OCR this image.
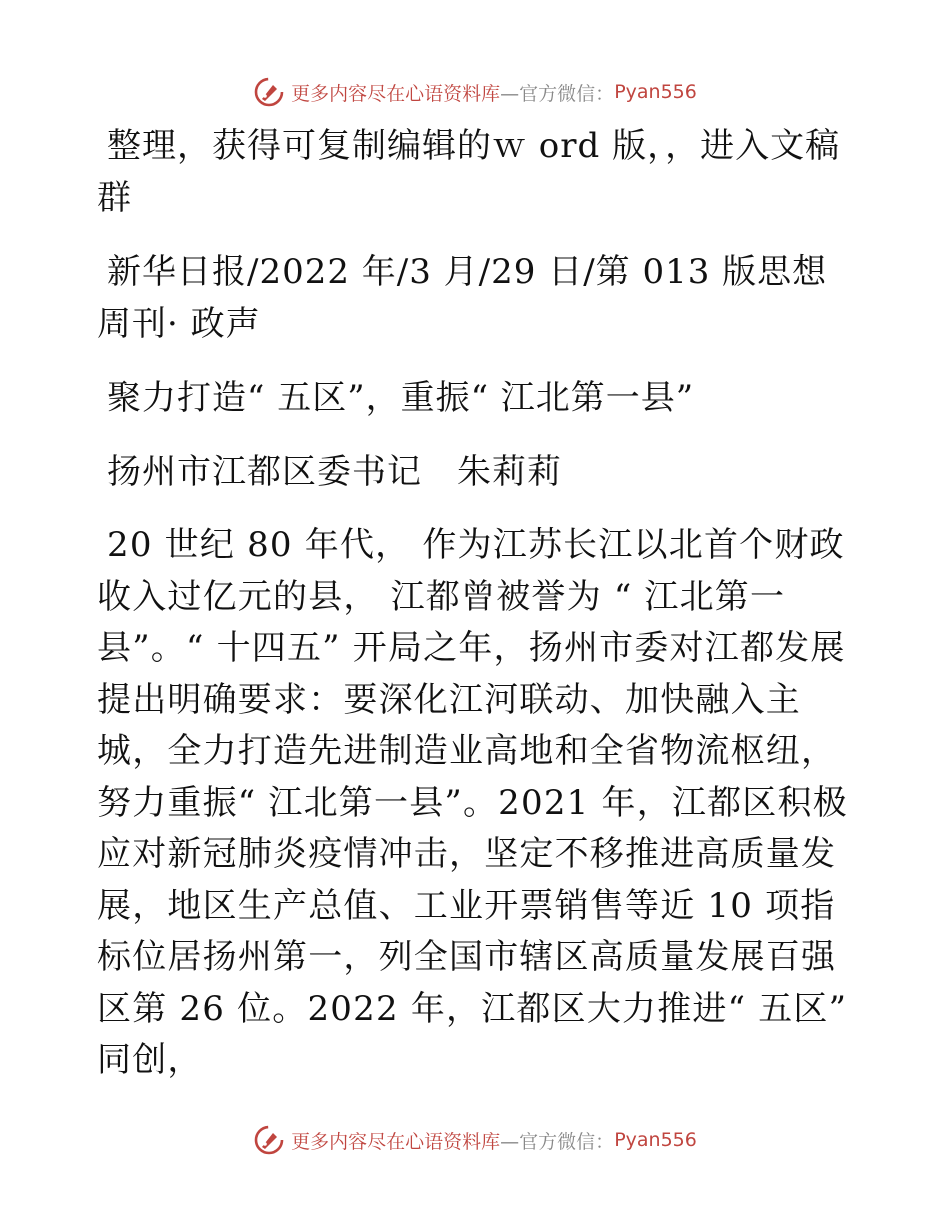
更多内容尽在心语资料库 —官方微信： Pyan556

整理，获得可复制编辑的ｗ ord 版，，进入文稿群

新华日报/2022 年/3 月/29 日/第 013 版思想周刊· 政声

聚力打造“ 五区”，重振“ 江北第一县”

扬州市江都区委书记　朱莉莉

20 世纪 80 年代， 作为江苏长江以北首个财政收入过亿元的县， 江都曾被誉为 “ 江北第一县”。“ 十四五” 开局之年，扬州市委对江都发展提出明确要求：要深化江河联动、加快融入主城，全力打造先进制造业高地和全省物流枢纽，努力重振“ 江北第一县”。2021 年，江都区积极应对新冠肺炎疫情冲击，坚定不移推进高质量发展，地区生产总值、工业开票销售等近 10 项指标位居扬州第一，列全国市辖区高质量发展百强区第 26 位。2022 年，江都区大力推进“ 五区” 同创，

更多内容尽在心语资料库 —官方微信： Pyan556
